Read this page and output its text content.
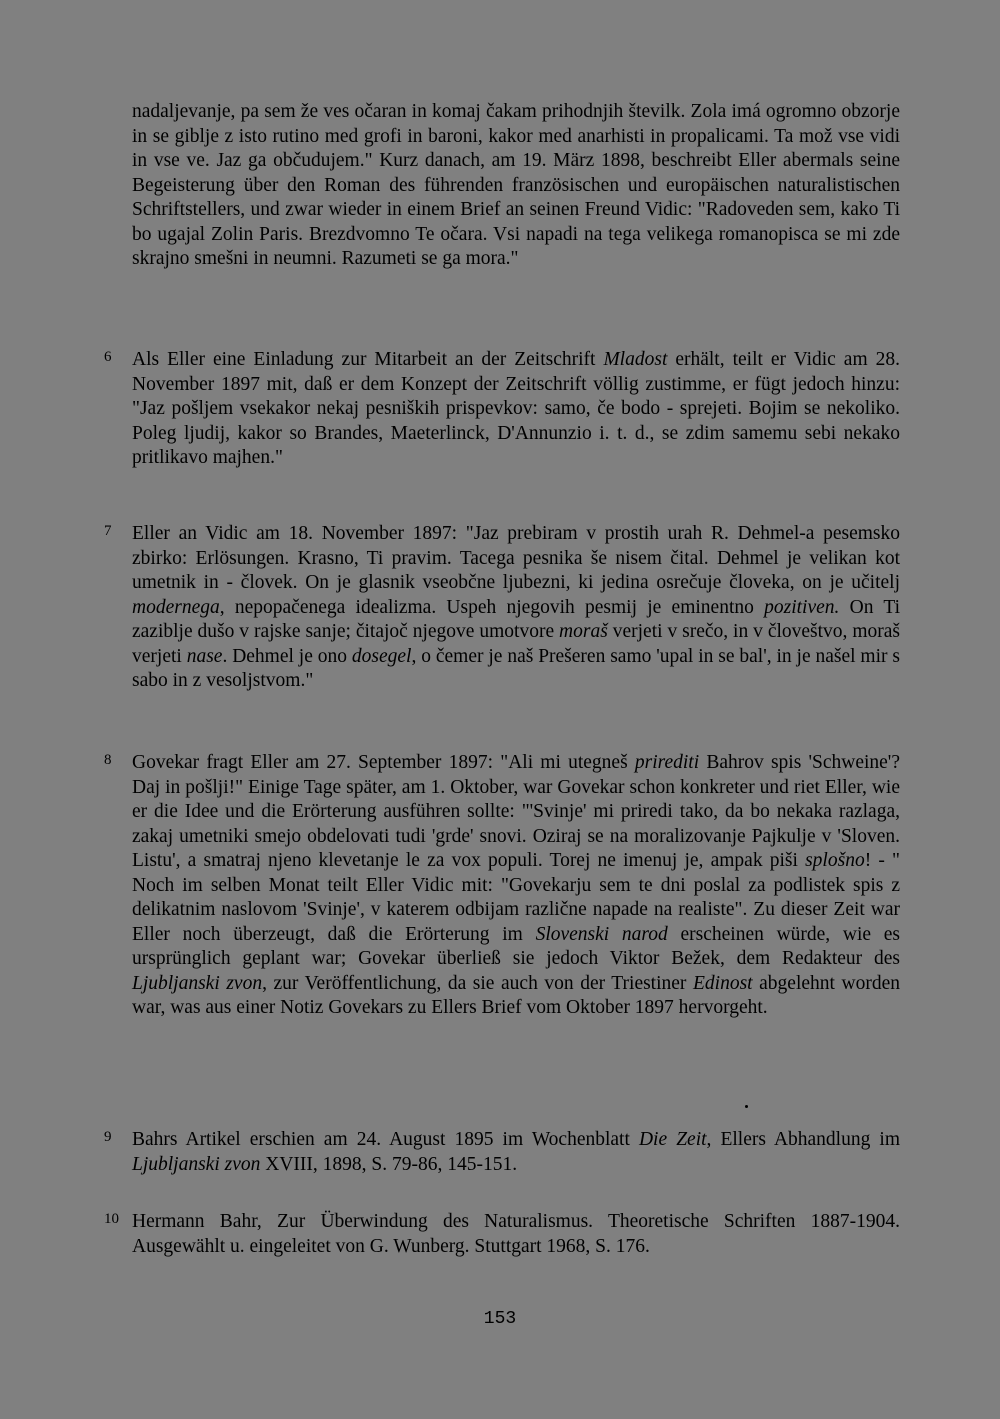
nadaljevanje, pa sem že ves očaran in komaj čakam prihodnjih številk. Zola imá ogromno obzorje in se giblje z isto rutino med grofi in baroni, kakor med anarhisti in propalicami. Ta mož vse vidi in vse ve. Jaz ga občudujem." Kurz danach, am 19. März 1898, beschreibt Eller abermals seine Begeisterung über den Roman des führenden französischen und europäischen naturalistischen Schriftstellers, und zwar wieder in einem Brief an seinen Freund Vidic: "Radoveden sem, kako Ti bo ugajal Zolin Paris. Brezdvomno Te očara. Vsi napadi na tega velikega romanopisca se mi zde skrajno smešni in neumni. Razumeti se ga mora."
6 Als Eller eine Einladung zur Mitarbeit an der Zeitschrift Mladost erhält, teilt er Vidic am 28. November 1897 mit, daß er dem Konzept der Zeitschrift völlig zustimme, er fügt jedoch hinzu: "Jaz pošljem vsekakor nekaj pesniških prispevkov: samo, če bodo - sprejeti. Bojim se nekoliko. Poleg ljudij, kakor so Brandes, Maeterlinck, D'Annunzio i. t. d., se zdim samemu sebi nekako pritlikavo majhen."
7 Eller an Vidic am 18. November 1897: "Jaz prebiram v prostih urah R. Dehmel-a pesemsko zbirko: Erlösungen. Krasno, Ti pravim. Tacega pesnika še nisem čital. Dehmel je velikan kot umetnik in - človek. On je glasnik vseobčne ljubezni, ki jedina osrečuje človeka, on je učitelj modernega, nepopačenega idealizma. Uspeh njegovih pesmij je eminentno pozitiven. On Ti zaziblje dušo v rajske sanje; čitajoč njegove umotvore moraš verjeti v srečo, in v človeštvo, moraš verjeti nase. Dehmel je ono dosegel, o čemer je naš Prešeren samo 'upal in se bal', in je našel mir s sabo in z vesoljstvom."
8 Govekar fragt Eller am 27. September 1897: "Ali mi utegneš prirediti Bahrov spis 'Schweine'? Daj in pošlji!" Einige Tage später, am 1. Oktober, war Govekar schon konkreter und riet Eller, wie er die Idee und die Erörterung ausführen sollte: "'Svinje' mi priredi tako, da bo nekaka razlaga, zakaj umetniki smejo obdelovati tudi 'grde' snovi. Oziraj se na moralizovanje Pajkulje v 'Sloven. Listu', a smatraj njeno klevetanje le za vox populi. Torej ne imenuj je, ampak piši splošno! - " Noch im selben Monat teilt Eller Vidic mit: "Govekarju sem te dni poslal za podlistek spis z delikatnim naslovom 'Svinje', v katerem odbijam različne napade na realiste". Zu dieser Zeit war Eller noch überzeugt, daß die Erörterung im Slovenski narod erscheinen würde, wie es ursprünglich geplant war; Govekar überließ sie jedoch Viktor Bežek, dem Redakteur des Ljubljanski zvon, zur Veröffentlichung, da sie auch von der Triestiner Edinost abgelehnt worden war, was aus einer Notiz Govekars zu Ellers Brief vom Oktober 1897 hervorgeht.
9 Bahrs Artikel erschien am 24. August 1895 im Wochenblatt Die Zeit, Ellers Abhandlung im Ljubljanski zvon XVIII, 1898, S. 79-86, 145-151.
10 Hermann Bahr, Zur Überwindung des Naturalismus. Theoretische Schriften 1887-1904. Ausgewählt u. eingeleitet von G. Wunberg. Stuttgart 1968, S. 176.
153
